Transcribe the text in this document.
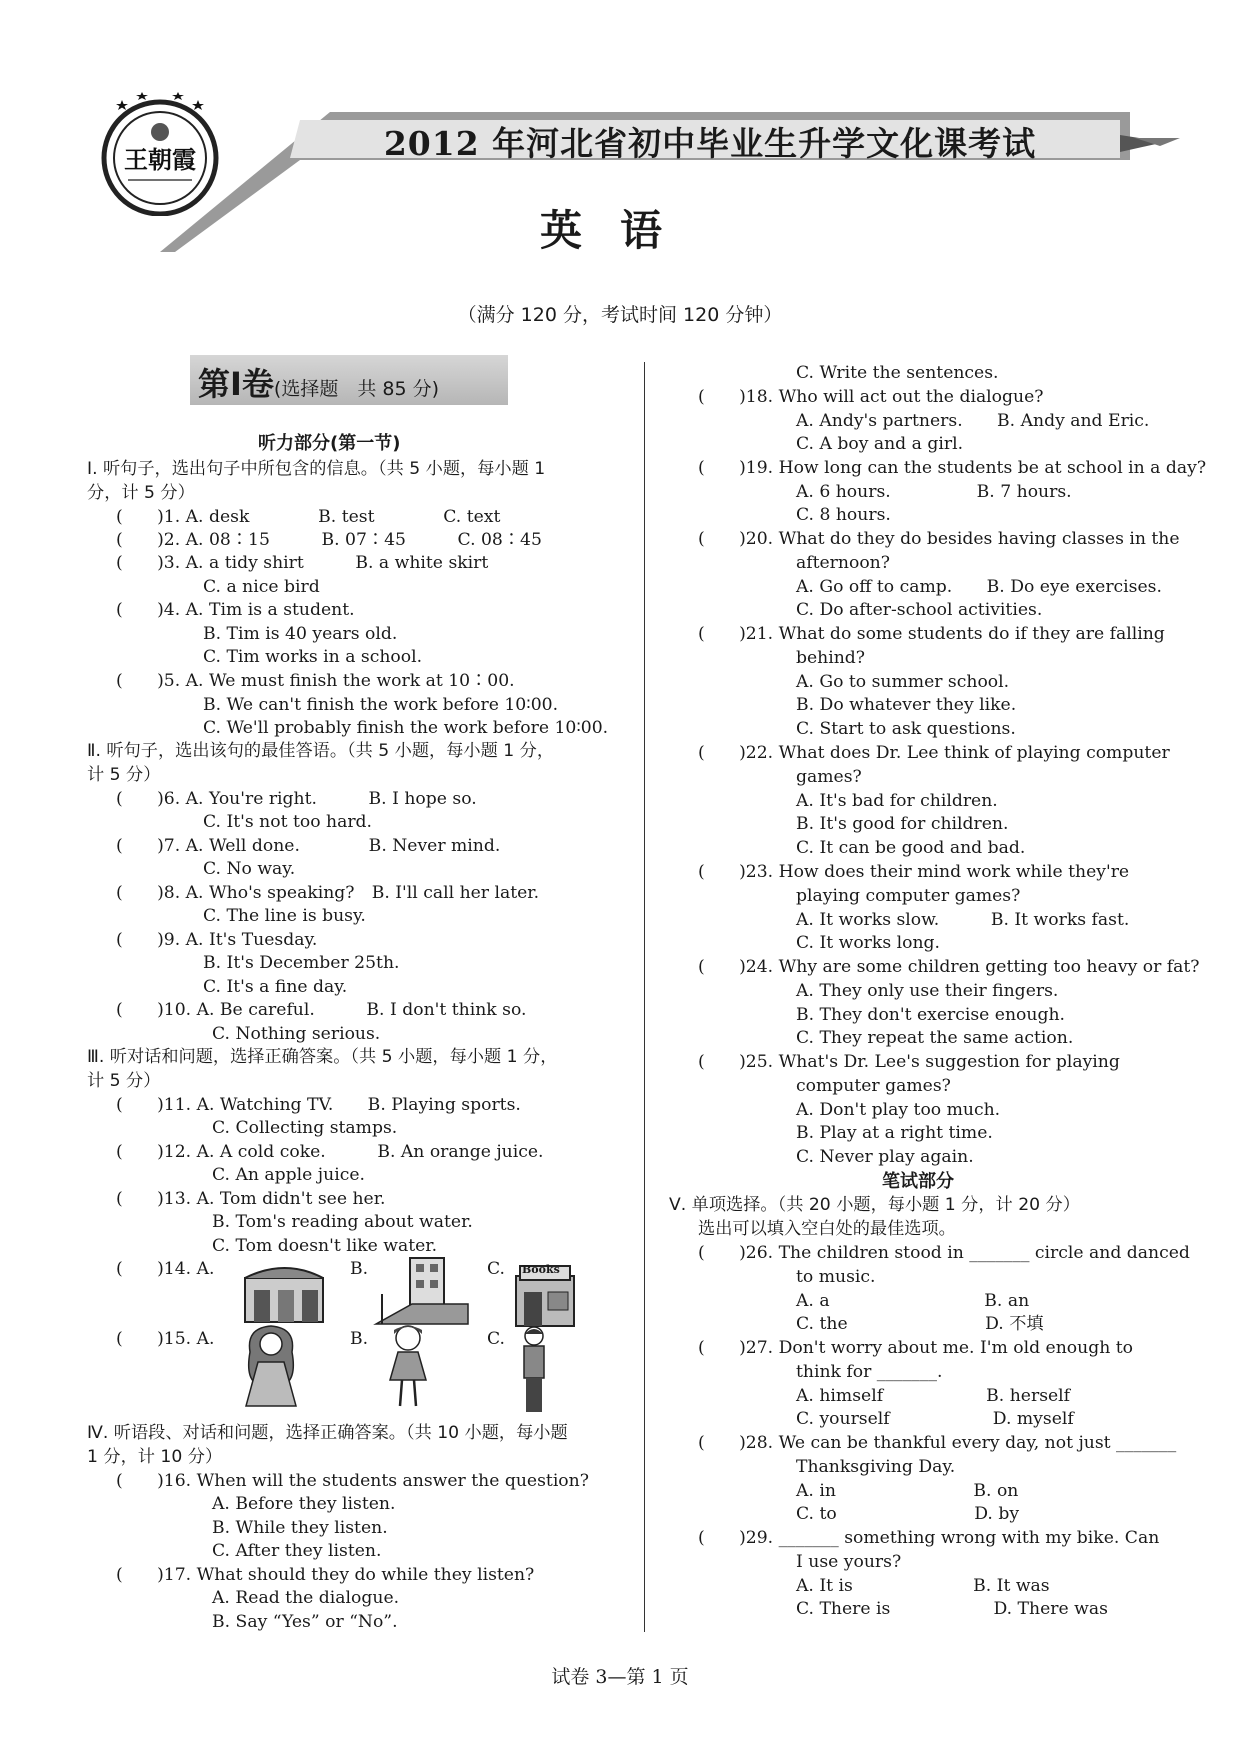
王朝霞	2012 年河北省初中毕业生升学文化课考试
英语
（满分 120 分，考试时间 120 分钟）
第Ⅰ卷(选择题　共 85 分)
听力部分(第一节)
Ⅰ. 听句子，选出句子中所包含的信息。（共 5 小题，每小题 1
分，计 5 分）
(　　)1. A. desk　　　　B. test　　　　C. text
(　　)2. A. 08∶15　　　B. 07∶45　　　C. 08∶45
(　　)3. A. a tidy shirt　　　B. a white skirt
C. a nice bird
(　　)4. A. Tim is a student.
B. Tim is 40 years old.
C. Tim works in a school.
(　　)5. A. We must finish the work at 10∶00.
B. We can't finish the work before 10∶00.
C. We'll probably finish the work before 10∶00.
Ⅱ. 听句子，选出该句的最佳答语。（共 5 小题，每小题 1 分，
计 5 分）
(　　)6. A. You're right.　　　B. I hope so.
C. It's not too hard.
(　　)7. A. Well done.　　　　B. Never mind.
C. No way.
(　　)8. A. Who's speaking?　B. I'll call her later.
C. The line is busy.
(　　)9. A. It's Tuesday.
B. It's December 25th.
C. It's a fine day.
(　　)10. A. Be careful.　　　B. I don't think so.
C. Nothing serious.
Ⅲ. 听对话和问题，选择正确答案。（共 5 小题，每小题 1 分，
计 5 分）
(　　)11. A. Watching TV.　　B. Playing sports.
C. Collecting stamps.
(　　)12. A. A cold coke.　　　B. An orange juice.
C. An apple juice.
(　　)13. A. Tom didn't see her.
B. Tom's reading about water.
C. Tom doesn't like water.
(　　)14. A.	B.	C. Books
(　　)15. A.	B.	C.
Ⅳ. 听语段、对话和问题，选择正确答案。（共 10 小题，每小题
1 分，计 10 分）
(　　)16. When will the students answer the question?
A. Before they listen.
B. While they listen.
C. After they listen.
(　　)17. What should they do while they listen?
A. Read the dialogue.
B. Say “Yes” or “No”.
C. Write the sentences.
(　　)18. Who will act out the dialogue?
A. Andy's partners.　　B. Andy and Eric.
C. A boy and a girl.
(　　)19. How long can the students be at school in a day?
A. 6 hours.　　　　　B. 7 hours.
C. 8 hours.
(　　)20. What do they do besides having classes in the
afternoon?
A. Go off to camp.　　B. Do eye exercises.
C. Do after-school activities.
(　　)21. What do some students do if they are falling
behind?
A. Go to summer school.
B. Do whatever they like.
C. Start to ask questions.
(　　)22. What does Dr. Lee think of playing computer
games?
A. It's bad for children.
B. It's good for children.
C. It can be good and bad.
(　　)23. How does their mind work while they're
playing computer games?
A. It works slow.　　　B. It works fast.
C. It works long.
(　　)24. Why are some children getting too heavy or fat?
A. They only use their fingers.
B. They don't exercise enough.
C. They repeat the same action.
(　　)25. What's Dr. Lee's suggestion for playing
computer games?
A. Don't play too much.
B. Play at a right time.
C. Never play again.
笔试部分
Ⅴ. 单项选择。（共 20 小题，每小题 1 分，计 20 分）
选出可以填入空白处的最佳选项。
(　　)26. The children stood in _______ circle and danced
to music.
A. a　　　　　　　　　B. an
C. the　　　　　　　　D. 不填
(　　)27. Don't worry about me. I'm old enough to
think for _______.
A. himself　　　　　　B. herself
C. yourself　　　　　　D. myself
(　　)28. We can be thankful every day, not just _______
Thanksgiving Day.
A. in　　　　　　　　B. on
C. to　　　　　　　　D. by
(　　)29. _______ something wrong with my bike. Can
I use yours?
A. It is　　　　　　　B. It was
C. There is　　　　　　D. There was
试卷 3—第 1 页
